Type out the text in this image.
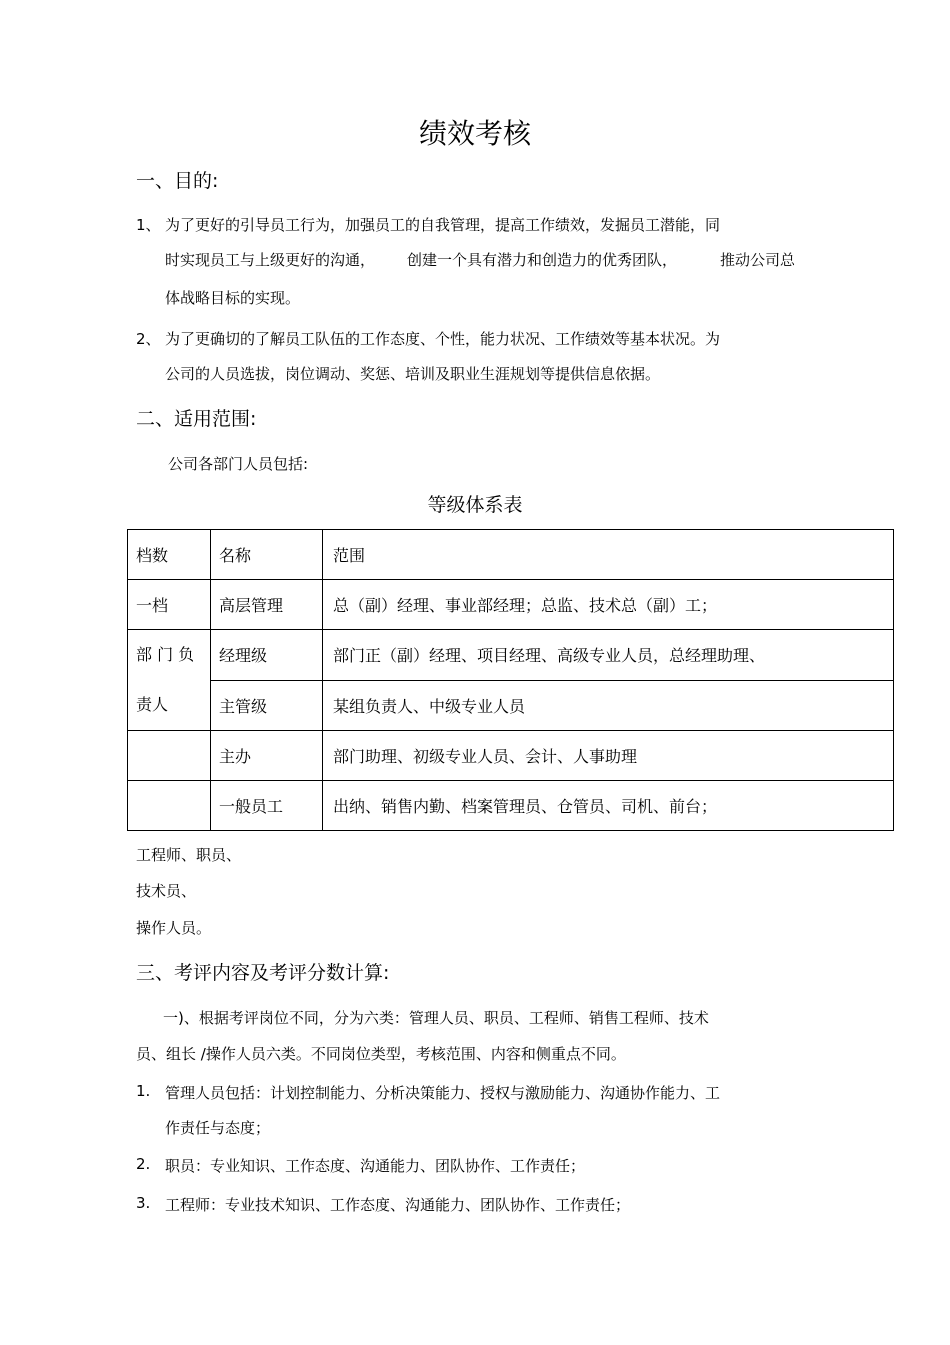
绩效考核
一、目的:
1、 为了更好的引导员工行为，加强员工的自我管理，提高工作绩效，发掘员工潜能，同
时实现员工与上级更好的沟通， 创建一个具有潜力和创造力的优秀团队，	推动公司总
体战略目标的实现。
2、 为了更确切的了解员工队伍的工作态度、个性，能力状况、工作绩效等基本状况。为
公司的人员选拔，岗位调动、奖惩、培训及职业生涯规划等提供信息依据。
二、适用范围:
公司各部门人员包括:
等级体系表
档数	名称	范围
一档	高层管理	总（副）经理、事业部经理；总监、技术总（副）工；

部 门 负
责人	经理级	部门正（副）经理、项目经理、高级专业人员，总经理助理、
	主管级	某组负责人、中级专业人员
	主办	部门助理、初级专业人员、会计、人事助理
	一般员工	出纳、销售内勤、档案管理员、仓管员、司机、前台；
工程师、职员、
技术员、
操作人员。
三、考评内容及考评分数计算:
一)、根据考评岗位不同，分为六类：管理人员、职员、工程师、销售工程师、技术
员、组长 /操作人员六类。不同岗位类型，考核范围、内容和侧重点不同。
1. 管理人员包括：计划控制能力、分析决策能力、授权与激励能力、沟通协作能力、工
作责任与态度；
2. 职员：专业知识、工作态度、沟通能力、团队协作、工作责任；
3. 工程师：专业技术知识、工作态度、沟通能力、团队协作、工作责任；
